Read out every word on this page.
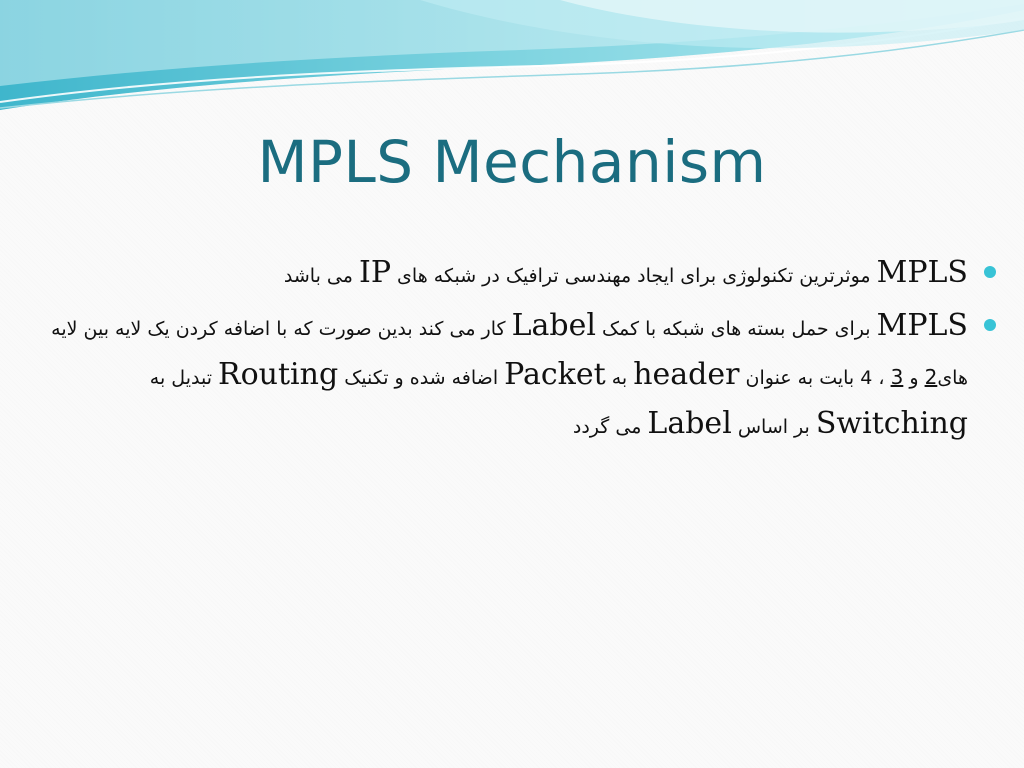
MPLS Mechanism
MPLS موثرترین تکنولوژی برای ایجاد مهندسی ترافیک در شبکه های IP می باشد
MPLS برای حمل بسته های شبکه با کمک Label کار می کند بدین صورت که با اضافه کردن یک لایه بین لایه های2 و 3 ، 4 بایت به عنوان header به Packet اضافه شده و تکنیک Routing تبدیل به Switching بر اساس Label می گردد
